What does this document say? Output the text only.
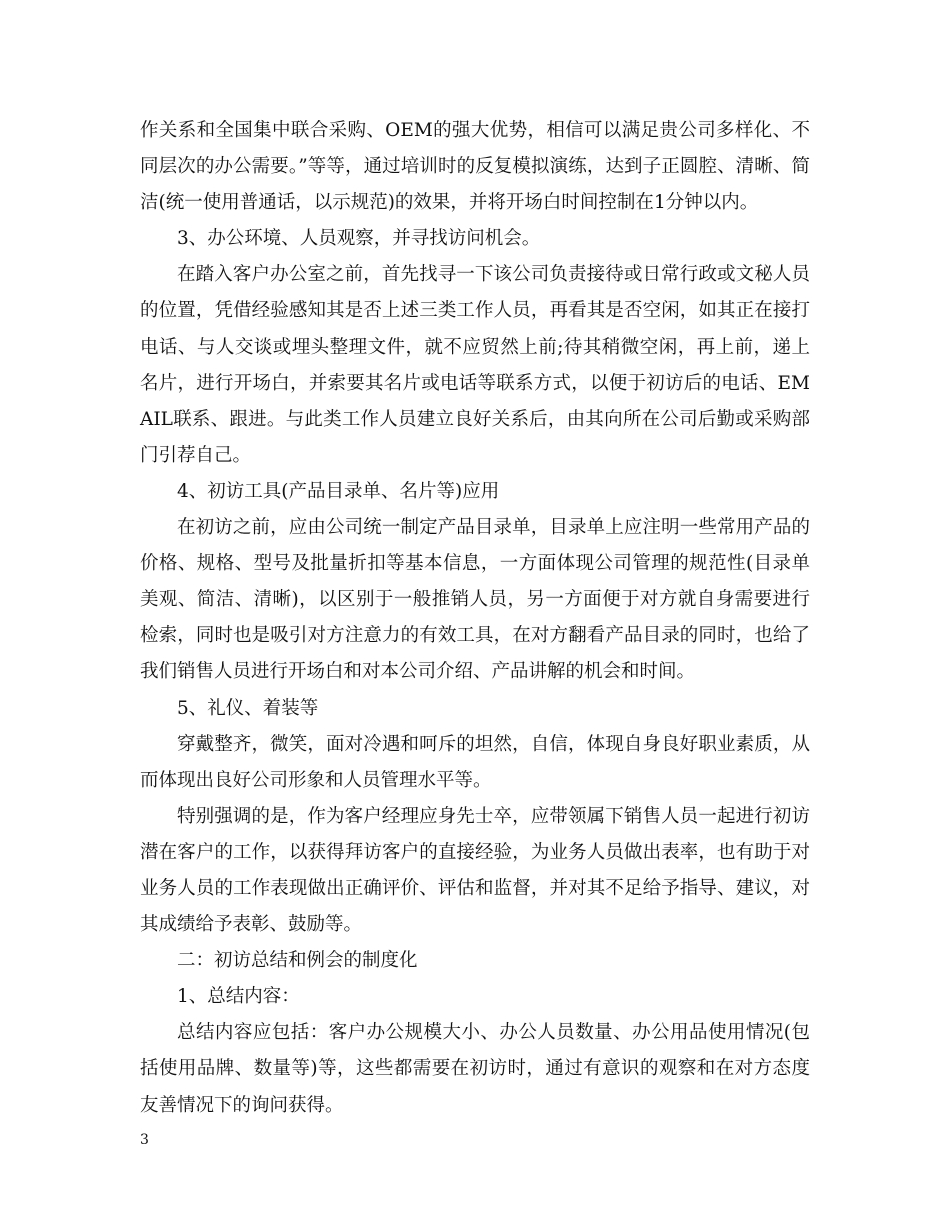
作关系和全国集中联合采购、OEM的强大优势，相信可以满足贵公司多样化、不同层次的办公需要。”等等，通过培训时的反复模拟演练，达到子正圆腔、清晰、简洁(统一使用普通话，以示规范)的效果，并将开场白时间控制在1分钟以内。

3、办公环境、人员观察，并寻找访问机会。

在踏入客户办公室之前，首先找寻一下该公司负责接待或日常行政或文秘人员的位置，凭借经验感知其是否上述三类工作人员，再看其是否空闲，如其正在接打电话、与人交谈或埋头整理文件，就不应贸然上前;待其稍微空闲，再上前，递上名片，进行开场白，并索要其名片或电话等联系方式，以便于初访后的电话、EMAIL联系、跟进。与此类工作人员建立良好关系后，由其向所在公司后勤或采购部门引荐自己。

4、初访工具(产品目录单、名片等)应用

在初访之前，应由公司统一制定产品目录单，目录单上应注明一些常用产品的价格、规格、型号及批量折扣等基本信息，一方面体现公司管理的规范性(目录单美观、简洁、清晰)，以区别于一般推销人员，另一方面便于对方就自身需要进行检索，同时也是吸引对方注意力的有效工具，在对方翻看产品目录的同时，也给了我们销售人员进行开场白和对本公司介绍、产品讲解的机会和时间。

5、礼仪、着装等

穿戴整齐，微笑，面对冷遇和呵斥的坦然，自信，体现自身良好职业素质，从而体现出良好公司形象和人员管理水平等。

特别强调的是，作为客户经理应身先士卒，应带领属下销售人员一起进行初访潜在客户的工作，以获得拜访客户的直接经验，为业务人员做出表率，也有助于对业务人员的工作表现做出正确评价、评估和监督，并对其不足给予指导、建议，对其成绩给予表彰、鼓励等。

二：初访总结和例会的制度化

1、总结内容：

总结内容应包括：客户办公规模大小、办公人员数量、办公用品使用情况(包括使用品牌、数量等)等，这些都需要在初访时，通过有意识的观察和在对方态度友善情况下的询问获得。

3
